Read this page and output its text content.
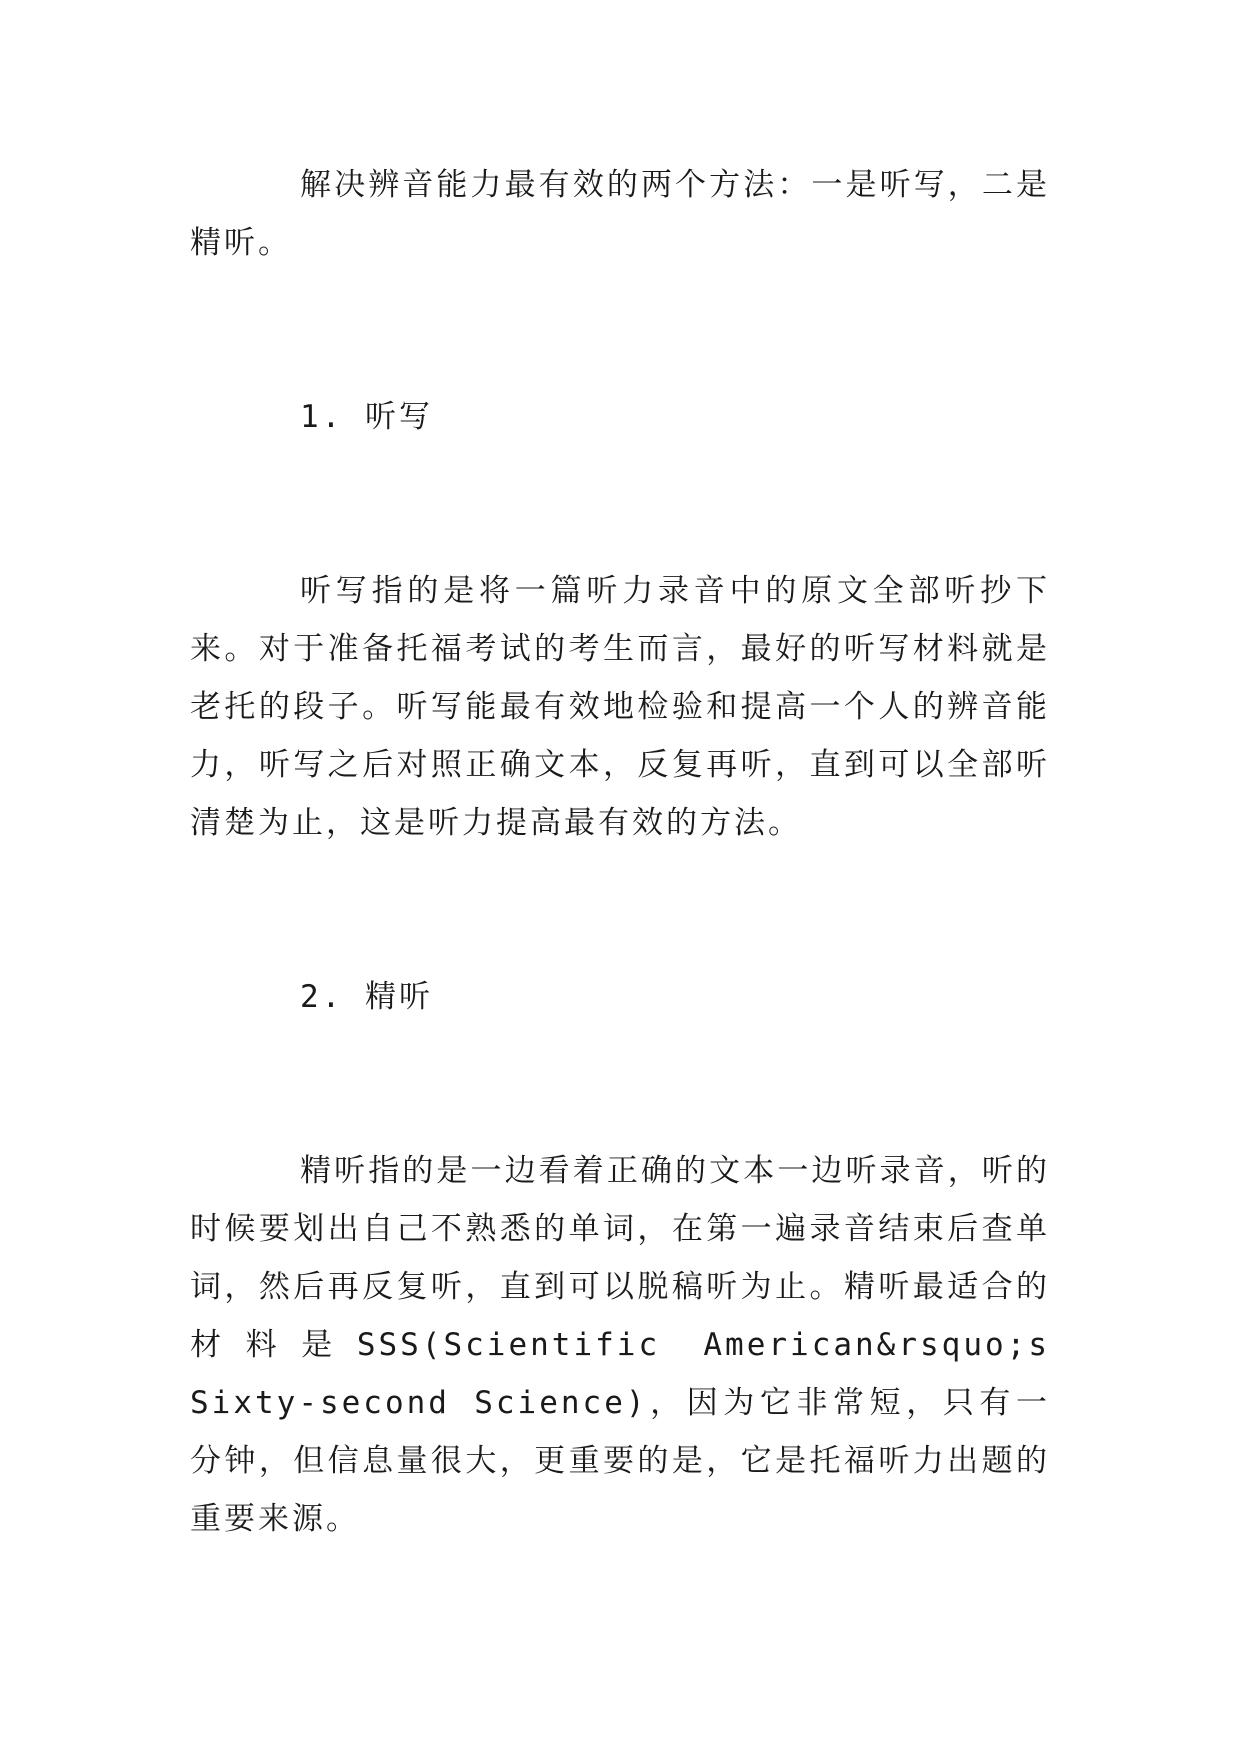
解决辨音能力最有效的两个方法：一是听写，二是精听。

1. 听写

听写指的是将一篇听力录音中的原文全部听抄下来。对于准备托福考试的考生而言，最好的听写材料就是老托的段子。听写能最有效地检验和提高一个人的辨音能力，听写之后对照正确文本，反复再听，直到可以全部听清楚为止，这是听力提高最有效的方法。

2. 精听

精听指的是一边看着正确的文本一边听录音，听的时候要划出自己不熟悉的单词，在第一遍录音结束后查单词，然后再反复听，直到可以脱稿听为止。精听最适合的材料是SSS(Scientific American&rsquo;s Sixty-second Science)，因为它非常短，只有一分钟，但信息量很大，更重要的是，它是托福听力出题的重要来源。
